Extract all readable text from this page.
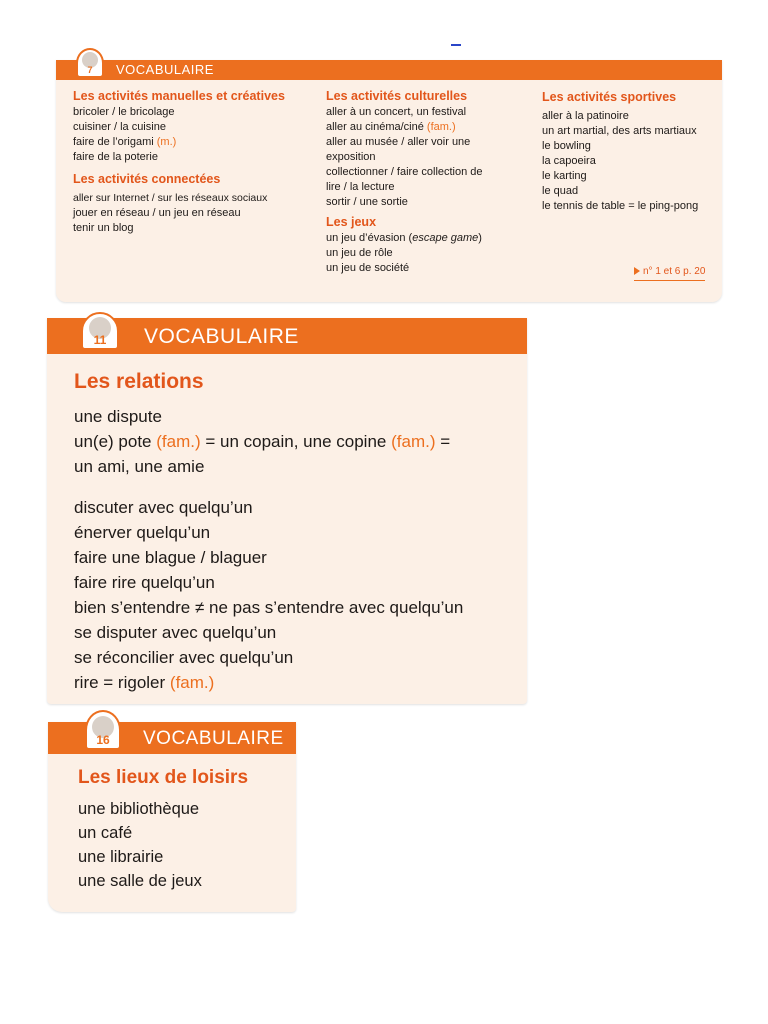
7	VOCABULAIRE
Les activités manuelles et créatives
bricoler / le bricolage
cuisiner / la cuisine
faire de l’origami (m.)
faire de la poterie
Les activités connectées
aller sur Internet / sur les réseaux sociaux
jouer en réseau / un jeu en réseau
tenir un blog
Les activités culturelles
aller à un concert, un festival
aller au cinéma/ciné (fam.)
aller au musée / aller voir une
exposition
collectionner / faire collection de
lire / la lecture
sortir / une sortie
Les jeux
un jeu d’évasion (escape game)
un jeu de rôle
un jeu de société
Les activités sportives
aller à la patinoire
un art martial, des arts martiaux
le bowling
la capoeira
le karting
le quad
le tennis de table = le ping-pong
n° 1 et 6 p. 20
11	VOCABULAIRE
Les relations
une dispute
un(e) pote (fam.) = un copain, une copine (fam.) =
un ami, une amie
discuter avec quelqu’un
énerver quelqu’un
faire une blague / blaguer
faire rire quelqu’un
bien s’entendre ≠ ne pas s’entendre avec quelqu’un
se disputer avec quelqu’un
se réconcilier avec quelqu’un
rire = rigoler (fam.)
16	VOCABULAIRE
Les lieux de loisirs
une bibliothèque
un café
une librairie
une salle de jeux
